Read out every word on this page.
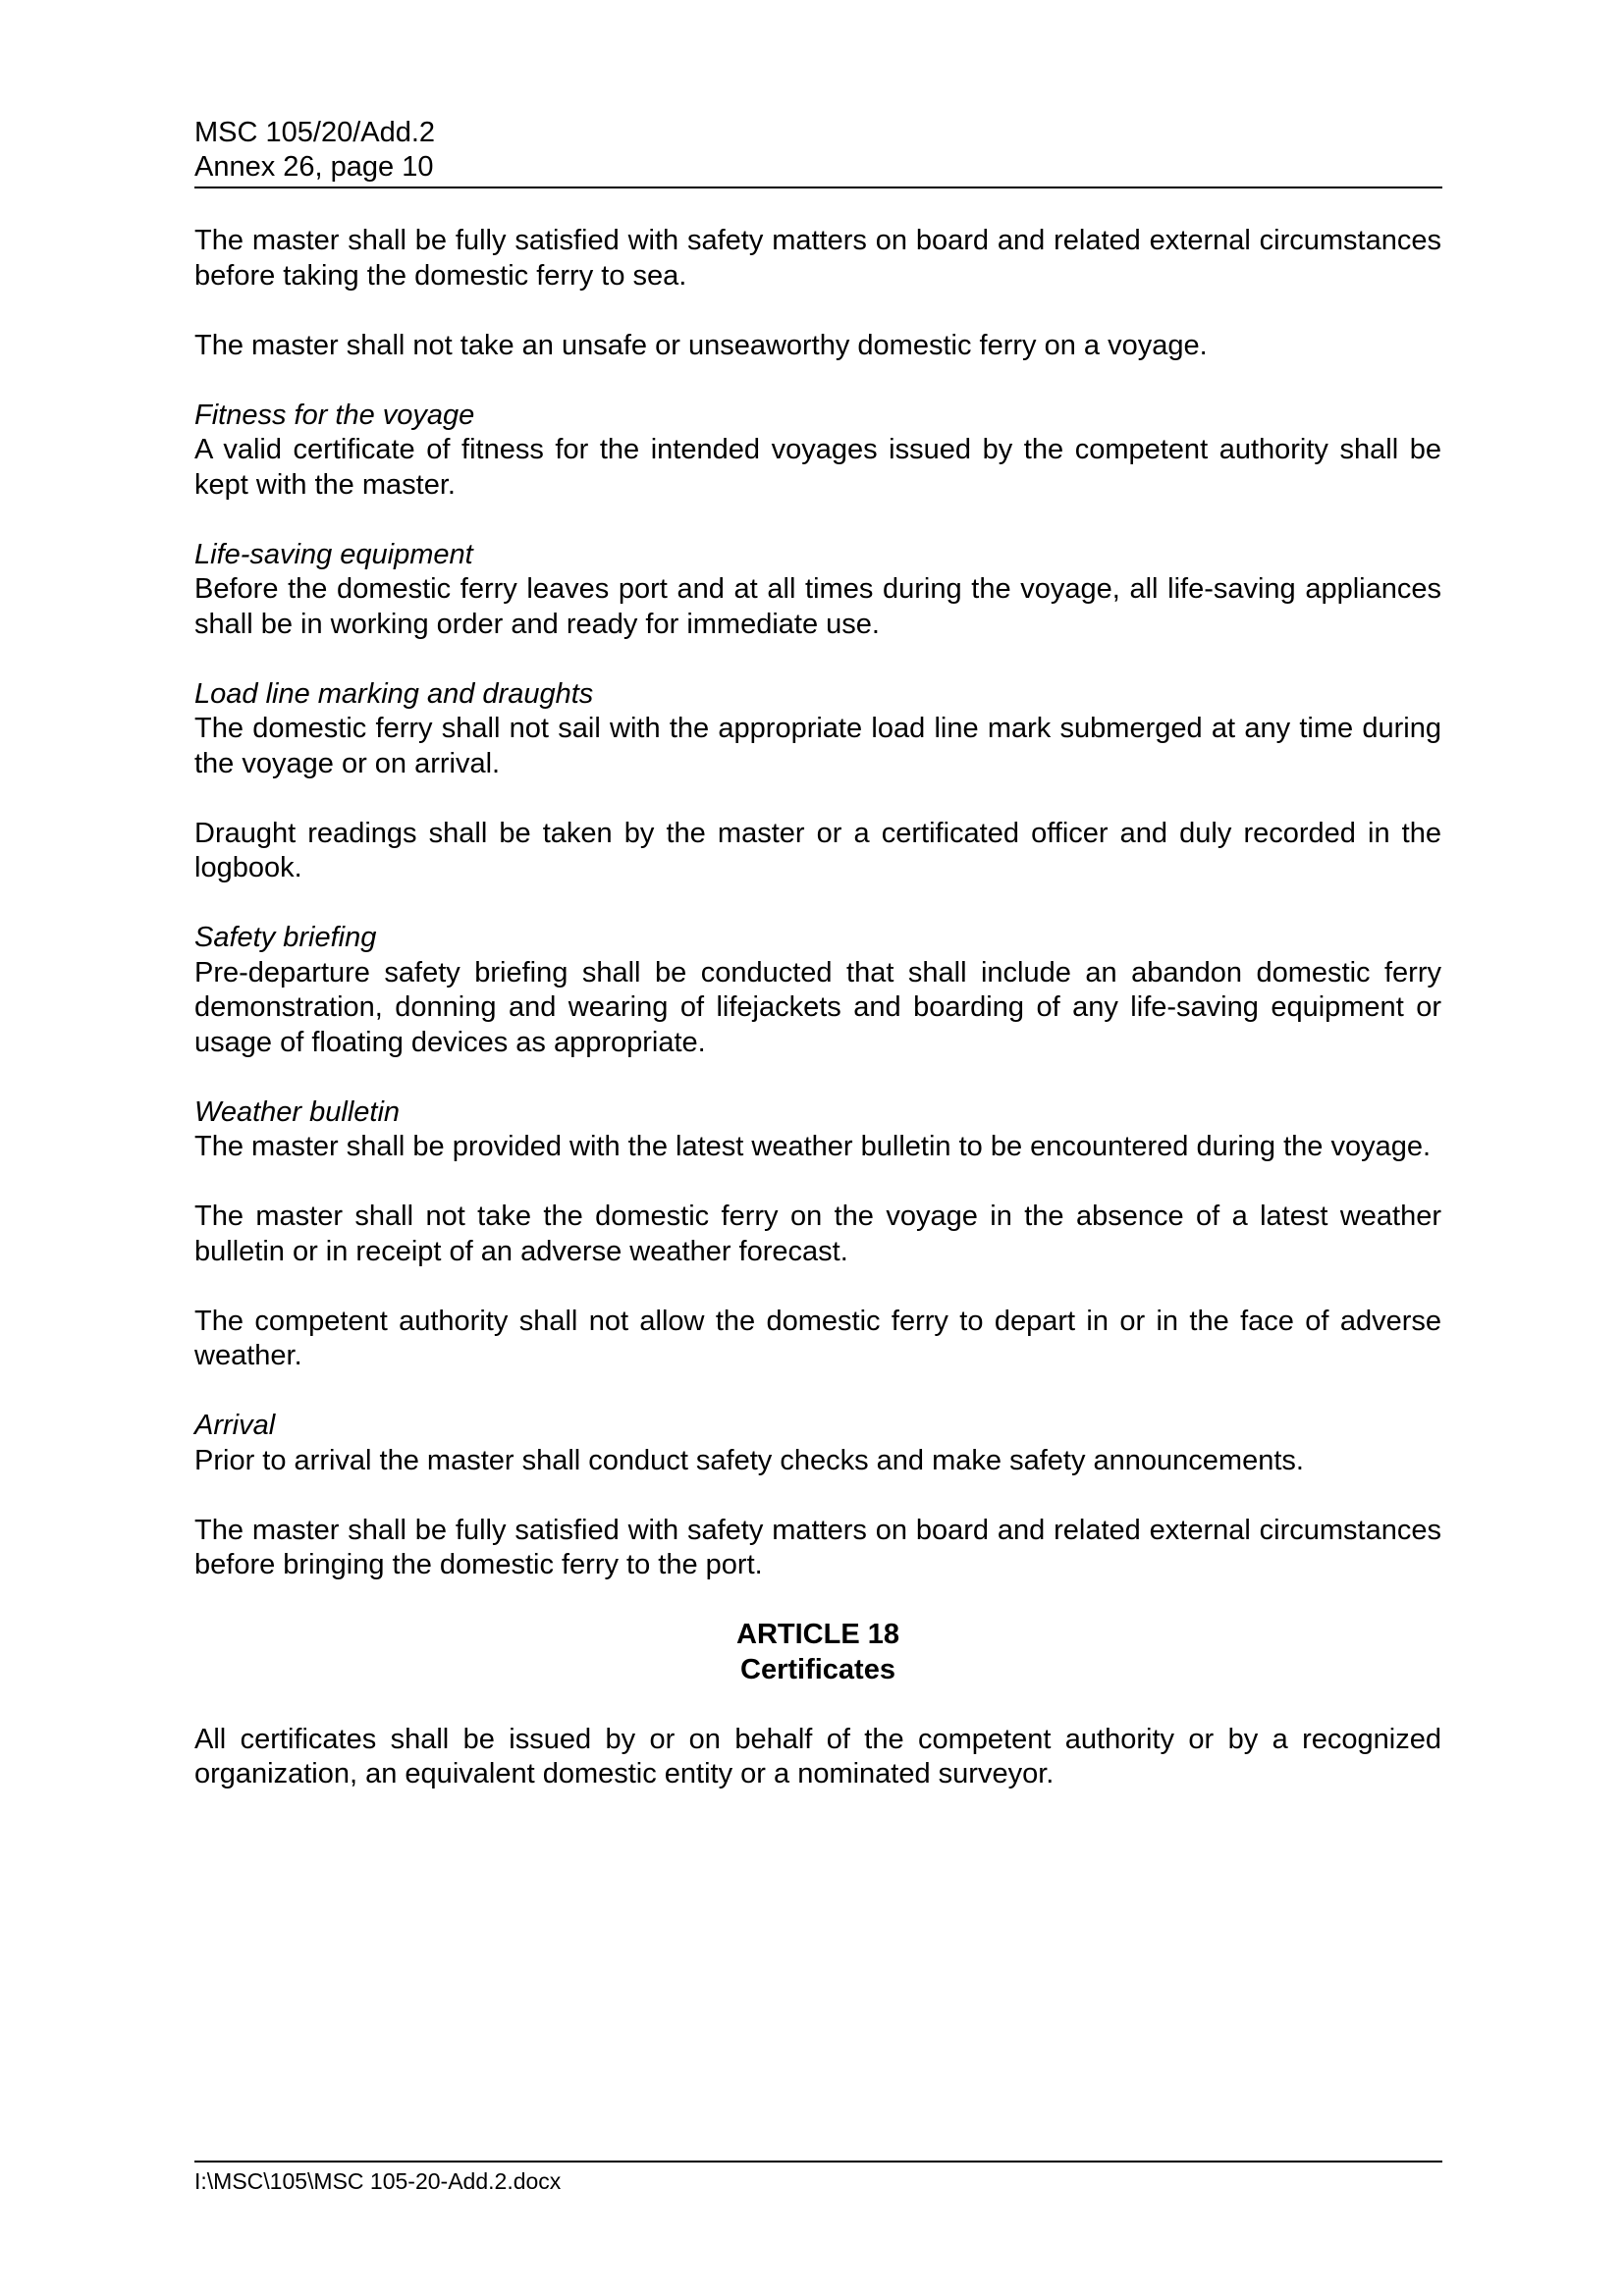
MSC 105/20/Add.2
Annex 26, page 10

The master shall be fully satisfied with safety matters on board and related external circumstances before taking the domestic ferry to sea.

The master shall not take an unsafe or unseaworthy domestic ferry on a voyage.

Fitness for the voyage
A valid certificate of fitness for the intended voyages issued by the competent authority shall be kept with the master.
Life-saving equipment
Before the domestic ferry leaves port and at all times during the voyage, all life-saving appliances shall be in working order and ready for immediate use.
Load line marking and draughts
The domestic ferry shall not sail with the appropriate load line mark submerged at any time during the voyage or on arrival.

Draught readings shall be taken by the master or a certificated officer and duly recorded in the logbook.

Safety briefing
Pre-departure safety briefing shall be conducted that shall include an abandon domestic ferry demonstration, donning and wearing of lifejackets and boarding of any life-saving equipment or usage of floating devices as appropriate.
Weather bulletin
The master shall be provided with the latest weather bulletin to be encountered during the voyage.

The master shall not take the domestic ferry on the voyage in the absence of a latest weather bulletin or in receipt of an adverse weather forecast.

The competent authority shall not allow the domestic ferry to depart in or in the face of adverse weather.

Arrival
Prior to arrival the master shall conduct safety checks and make safety announcements.

The master shall be fully satisfied with safety matters on board and related external circumstances before bringing the domestic ferry to the port.

ARTICLE 18
Certificates

All certificates shall be issued by or on behalf of the competent authority or by a recognized organization, an equivalent domestic entity or a nominated surveyor.

I:\MSC\105\MSC 105-20-Add.2.docx
